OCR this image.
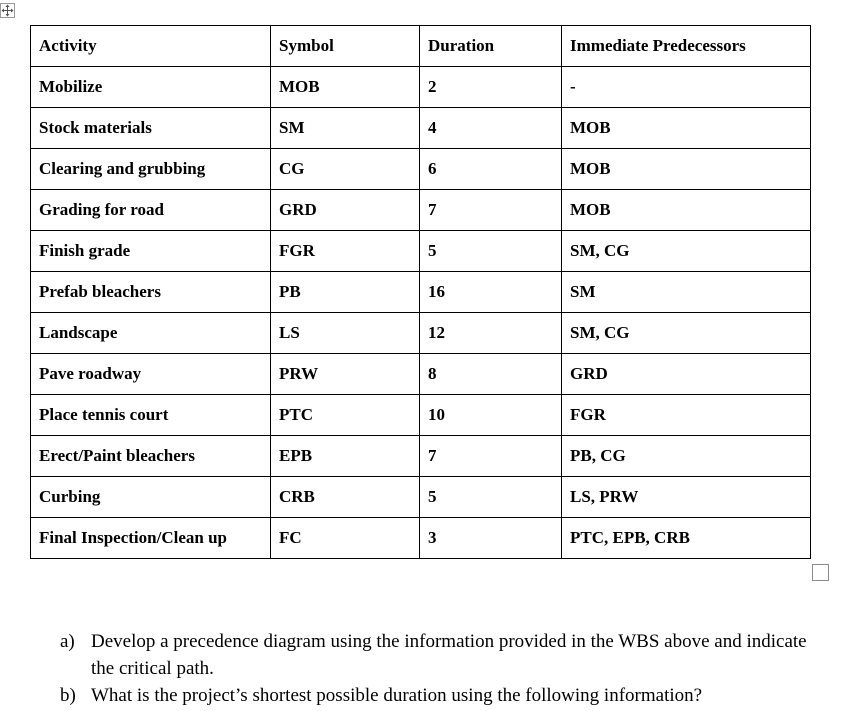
Activity	Symbol	Duration	Immediate Predecessors
Mobilize	MOB	2	-
Stock materials	SM	4	MOB
Clearing and grubbing	CG	6	MOB
Grading for road	GRD	7	MOB
Finish grade	FGR	5	SM, CG
Prefab bleachers	PB	16	SM
Landscape	LS	12	SM, CG
Pave roadway	PRW	8	GRD
Place tennis court	PTC	10	FGR
Erect/Paint bleachers	EPB	7	PB, CG
Curbing	CRB	5	LS, PRW
Final Inspection/Clean up	FC	3	PTC, EPB, CRB
a) Develop a precedence diagram using the information provided in the WBS above and indicate the critical path.
b) What is the project’s shortest possible duration using the following information?
